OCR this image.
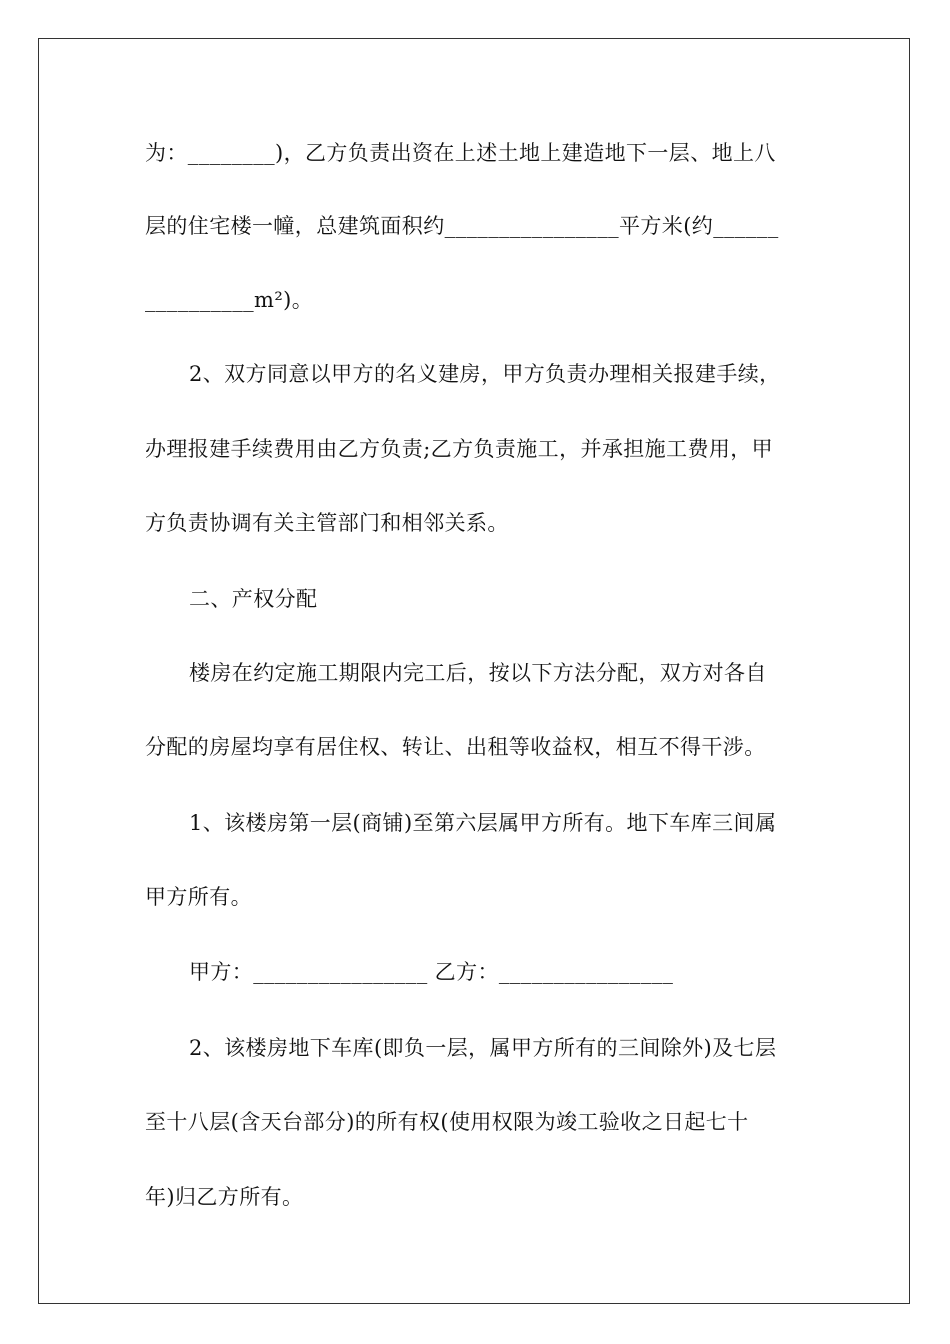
为：________)，乙方负责出资在上述土地上建造地下一层、地上八
层的住宅楼一幢，总建筑面积约________________平方米(约______
__________m²)。
2、双方同意以甲方的名义建房，甲方负责办理相关报建手续，
办理报建手续费用由乙方负责;乙方负责施工，并承担施工费用，甲
方负责协调有关主管部门和相邻关系。
二、产权分配
楼房在约定施工期限内完工后，按以下方法分配，双方对各自
分配的房屋均享有居住权、转让、出租等收益权，相互不得干涉。
1、该楼房第一层(商铺)至第六层属甲方所有。地下车库三间属
甲方所有。
甲方：________________ 乙方：________________
2、该楼房地下车库(即负一层，属甲方所有的三间除外)及七层
至十八层(含天台部分)的所有权(使用权限为竣工验收之日起七十
年)归乙方所有。
